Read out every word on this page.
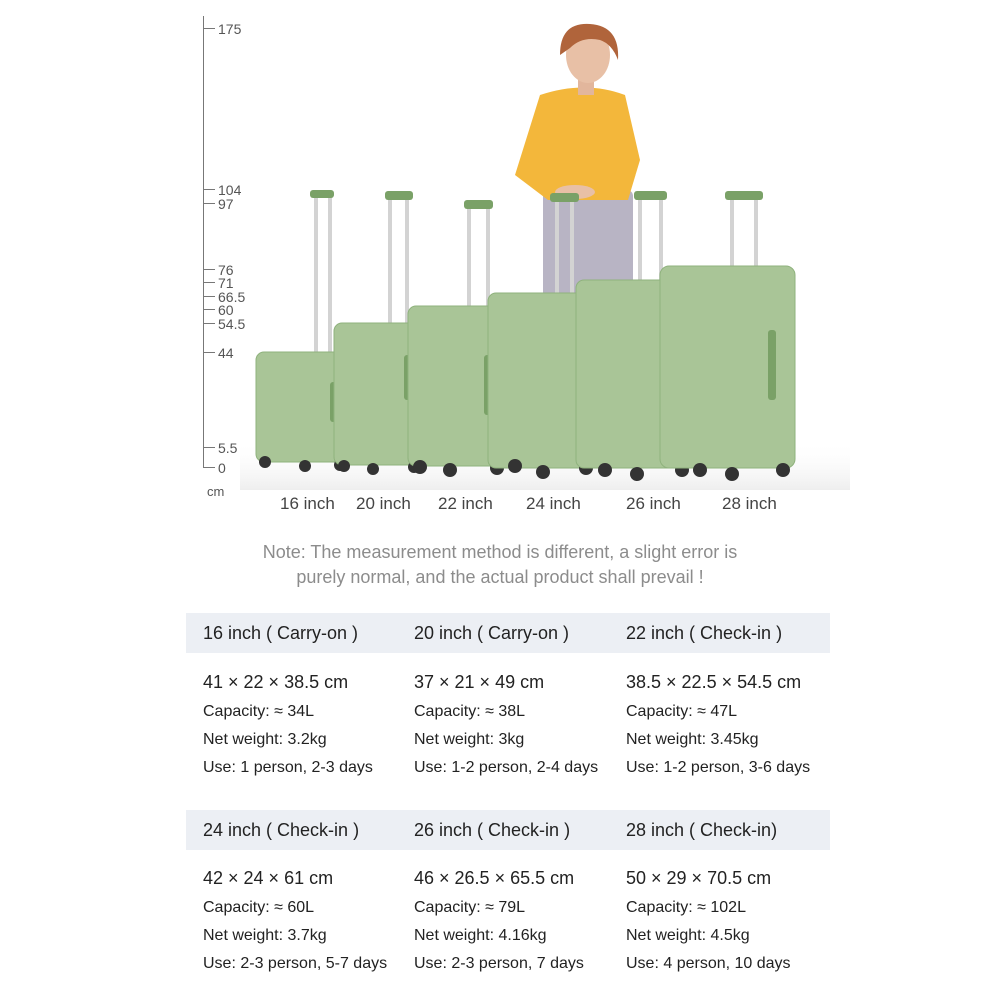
175
104
97
76
71
66.5
60
54.5
44
5.5
0
cm
16 inch 20 inch 22 inch 24 inch	26 inch 28 inch
Note: The measurement method is different, a slight error is
purely normal, and the actual product shall prevail !
16 inch ( Carry-on )	20 inch ( Carry-on )	22 inch ( Check-in )
41 × 22 × 38.5 cm
Capacity: ≈ 34L
Net weight: 3.2kg
Use: 1 person, 2-3 days
37 × 21 × 49 cm
Capacity: ≈ 38L
Net weight: 3kg
Use: 1-2 person, 2-4 days
38.5 × 22.5 × 54.5 cm
Capacity: ≈ 47L
Net weight: 3.45kg
Use: 1-2 person, 3-6 days
24 inch ( Check-in )	26 inch ( Check-in )	28 inch ( Check-in)
42 × 24 × 61 cm
Capacity: ≈ 60L
Net weight: 3.7kg
Use: 2-3 person, 5-7 days
46 × 26.5 × 65.5 cm
Capacity: ≈ 79L
Net weight: 4.16kg
Use: 2-3 person, 7 days
50 × 29 × 70.5 cm
Capacity: ≈ 102L
Net weight: 4.5kg
Use: 4 person, 10 days
